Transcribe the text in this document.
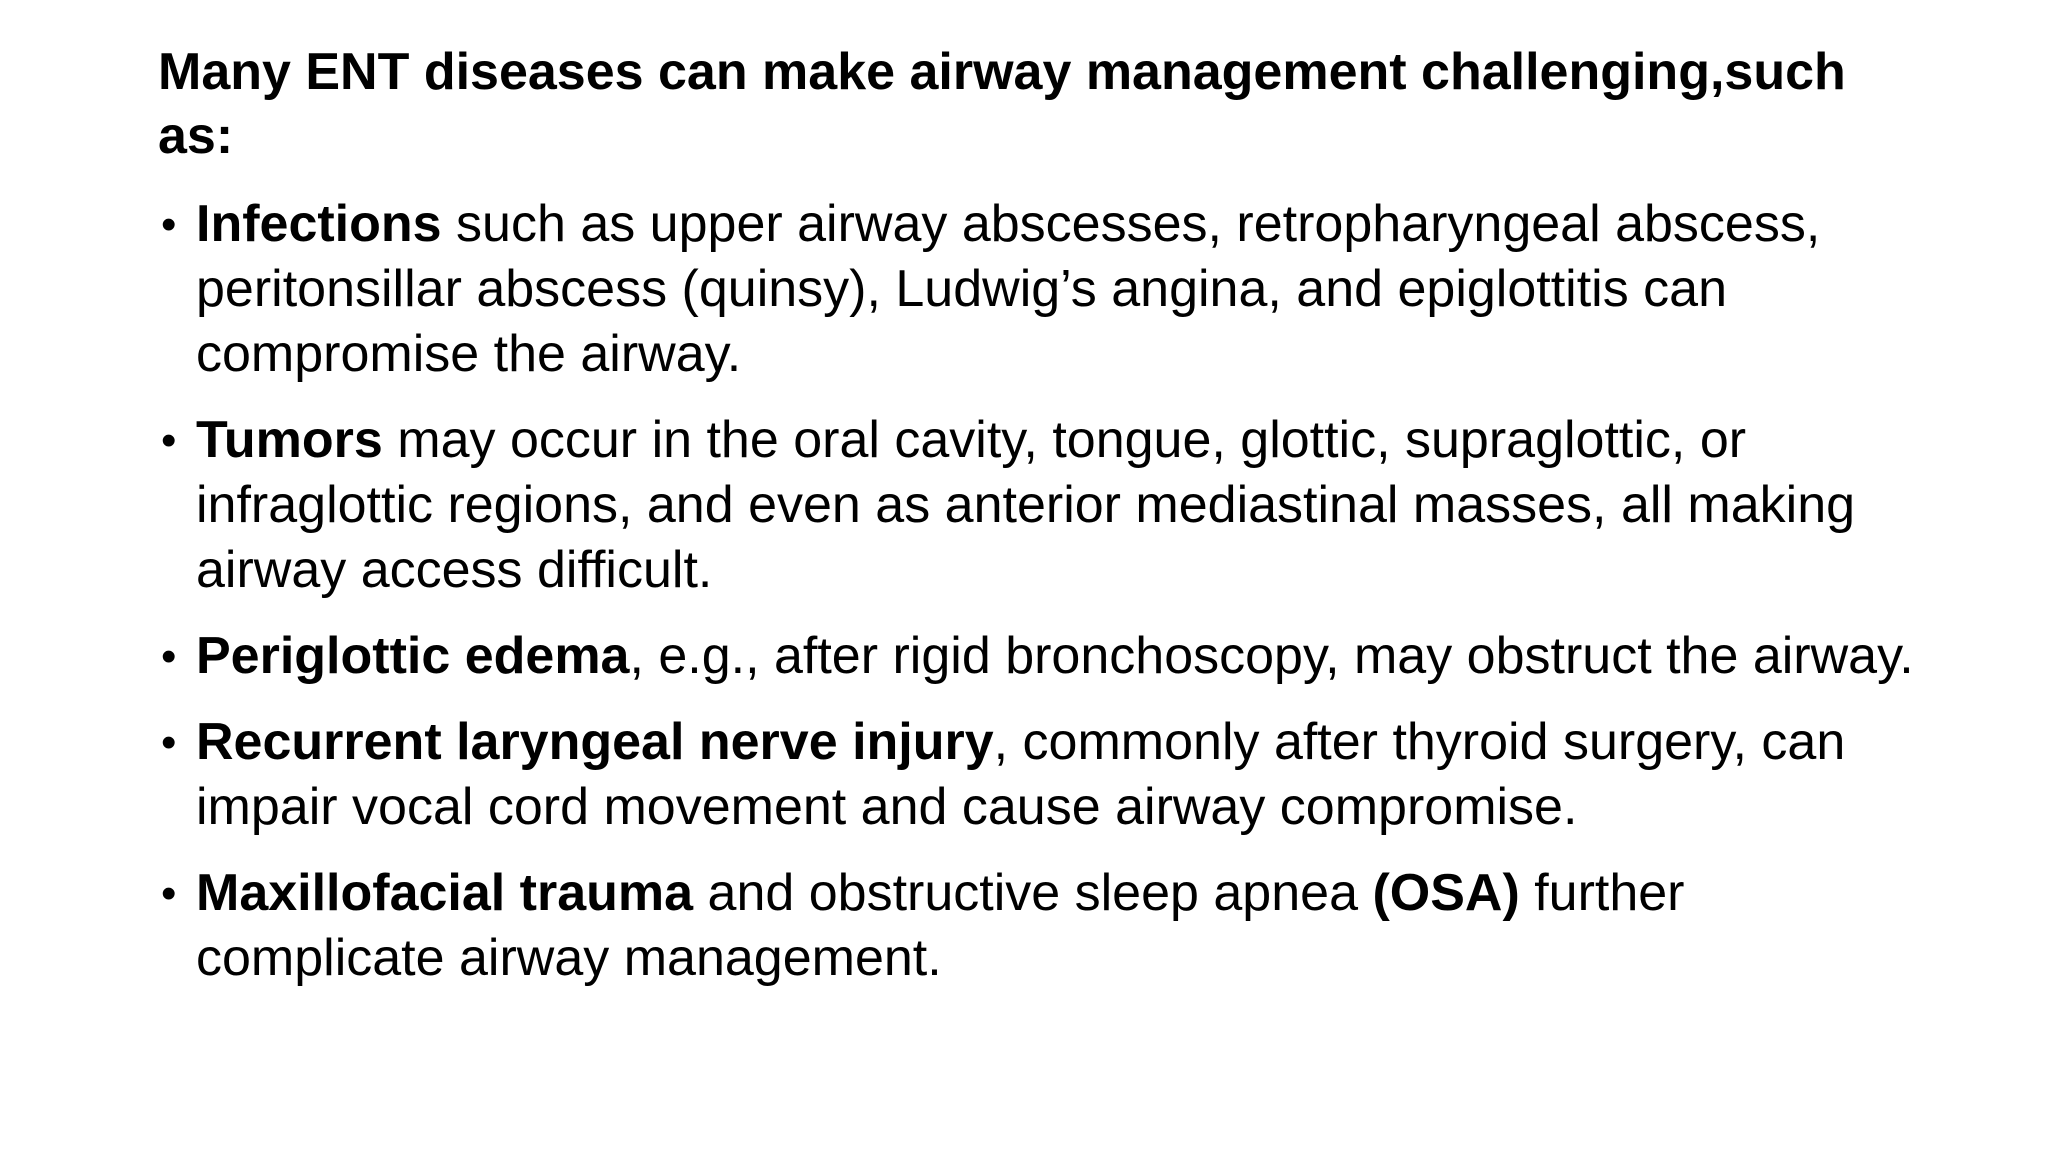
Many ENT diseases can make airway management challenging,such as:
• Infections such as upper airway abscesses, retropharyngeal abscess, peritonsillar abscess (quinsy), Ludwig’s angina, and epiglottitis can compromise the airway.
• Tumors may occur in the oral cavity, tongue, glottic, supraglottic, or infraglottic regions, and even as anterior mediastinal masses, all making airway access difficult.
• Periglottic edema, e.g., after rigid bronchoscopy, may obstruct the airway.
• Recurrent laryngeal nerve injury, commonly after thyroid surgery, can impair vocal cord movement and cause airway compromise.
• Maxillofacial trauma and obstructive sleep apnea (OSA) further complicate airway management.
